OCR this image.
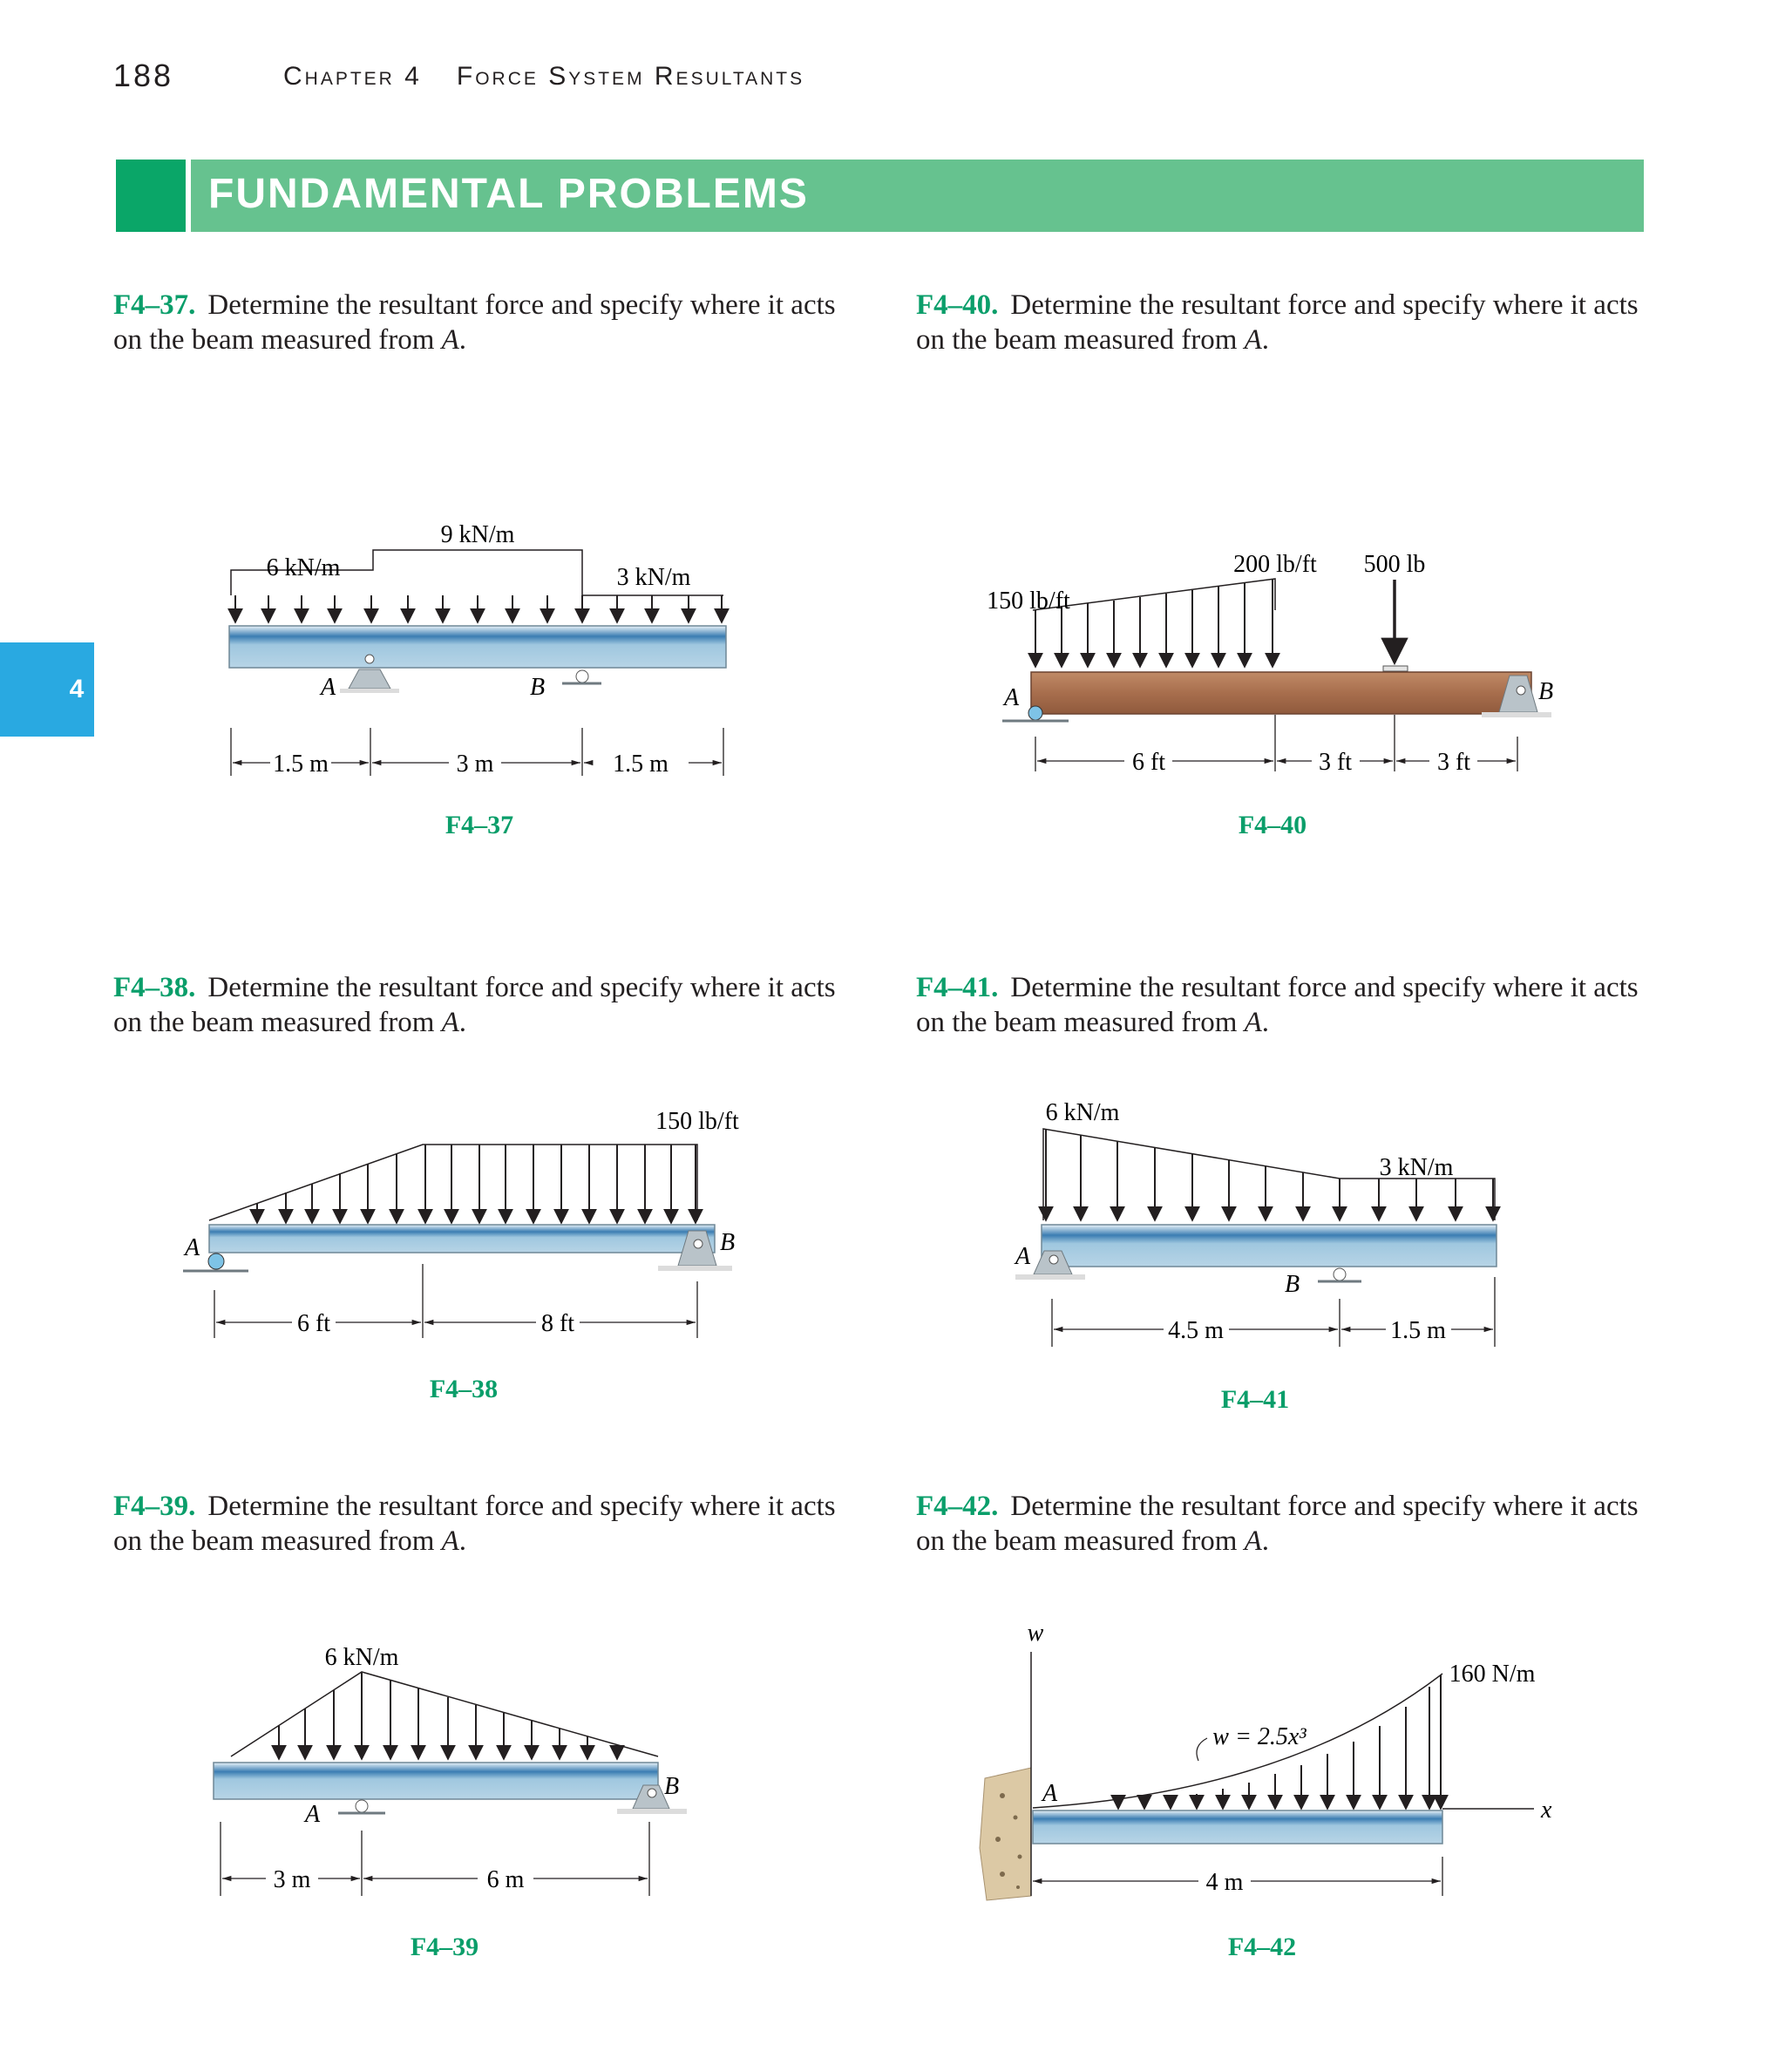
188	Chapter 4 Force System Resultants
FUNDAMENTAL PROBLEMS
4
F4–37. Determine the resultant force and specify where it acts on the beam measured from A.
F4–40. Determine the resultant force and specify where it acts on the beam measured from A.
F4–38. Determine the resultant force and specify where it acts on the beam measured from A.
F4–41. Determine the resultant force and specify where it acts on the beam measured from A.
F4–39. Determine the resultant force and specify where it acts on the beam measured from A.
F4–42. Determine the resultant force and specify where it acts on the beam measured from A.
6 kN/m
9 kN/m
3 kN/m
A	B
1.5 m	3 m	1.5 m
F4–37
150 lb/ft
200 lb/ft 500 lb
A	B
6 ft	3 ft	3 ft
F4–40
150 lb/ft
A	B
6 ft	8 ft
F4–38
6 kN/m
3 kN/m
A
B
4.5 m	1.5 m
F4–41
6 kN/m
A
B
3 m	6 m
F4–39
w
x
160 N/m
w = 2.5x³
A
4 m
F4–42
